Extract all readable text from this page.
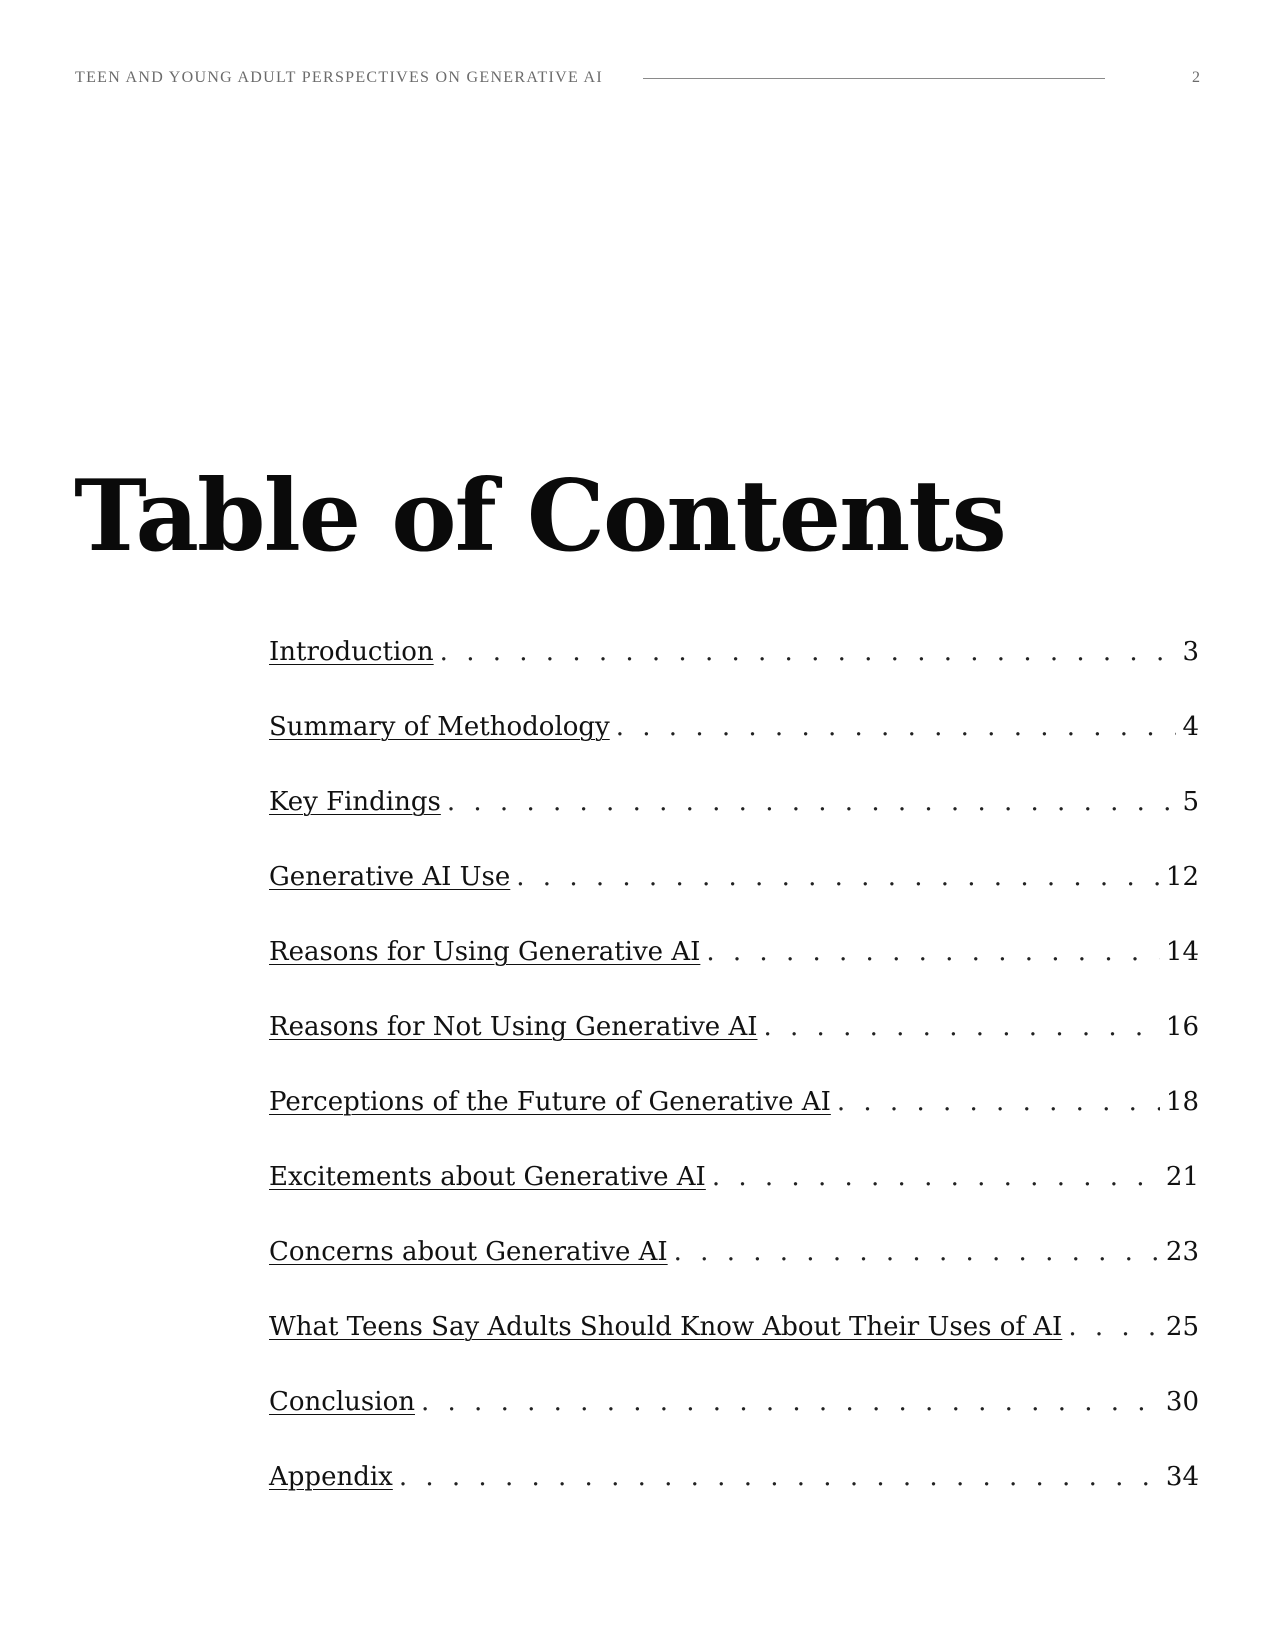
TEEN AND YOUNG ADULT PERSPECTIVES ON GENERATIVE AI	2
Table of Contents
Introduction . . .	3
Summary of Methodology . . .	4
Key Findings . . .	5
Generative AI Use . . .	12
Reasons for Using Generative AI . . .	14
Reasons for Not Using Generative AI . . .	16
Perceptions of the Future of Generative AI . . .	18
Excitements about Generative AI . . .	21
Concerns about Generative AI . . .	23
What Teens Say Adults Should Know About Their Uses of AI . . .	25
Conclusion . . .	30
Appendix . . .	34
